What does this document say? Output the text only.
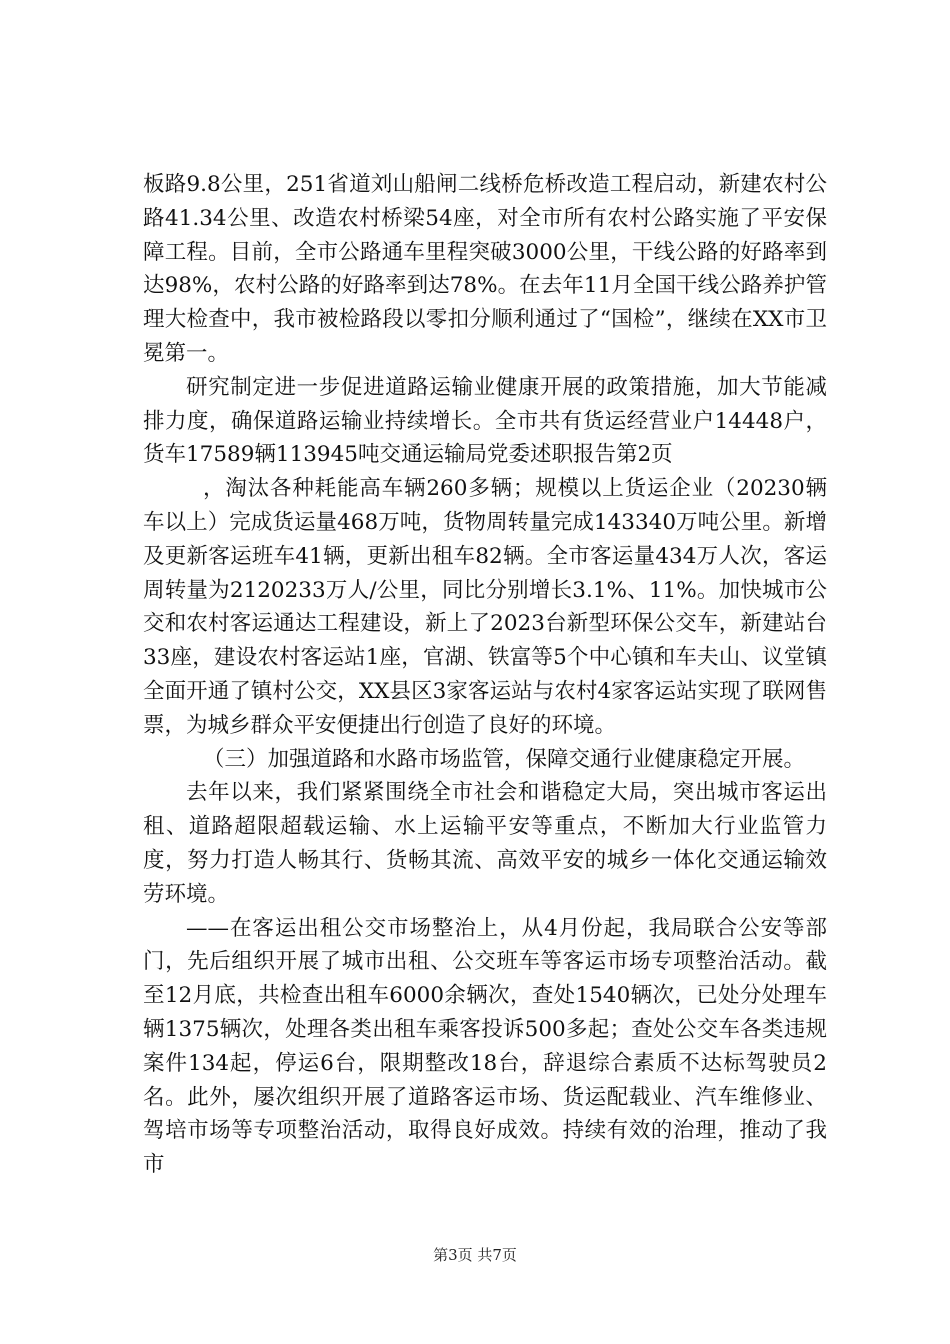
板路9.8公里，251省道刘山船闸二线桥危桥改造工程启动，新建农村公路41.34公里、改造农村桥梁54座，对全市所有农村公路实施了平安保障工程。目前，全市公路通车里程突破3000公里，干线公路的好路率到达98%，农村公路的好路率到达78%。在去年11月全国干线公路养护管理大检查中，我市被检路段以零扣分顺利通过了“国检”，继续在XX市卫冕第一。

研究制定进一步促进道路运输业健康开展的政策措施，加大节能减排力度，确保道路运输业持续增长。全市共有货运经营业户14448户，货车17589辆113945吨交通运输局党委述职报告第2页

，淘汰各种耗能高车辆260多辆；规模以上货运企业（20230辆车以上）完成货运量468万吨，货物周转量完成143340万吨公里。新增及更新客运班车41辆，更新出租车82辆。全市客运量434万人次，客运周转量为2120233万人/公里，同比分别增长3.1%、11%。加快城市公交和农村客运通达工程建设，新上了2023台新型环保公交车，新建站台33座，建设农村客运站1座，官湖、铁富等5个中心镇和车夫山、议堂镇全面开通了镇村公交，XX县区3家客运站与农村4家客运站实现了联网售票，为城乡群众平安便捷出行创造了良好的环境。

（三）加强道路和水路市场监管，保障交通行业健康稳定开展。

去年以来，我们紧紧围绕全市社会和谐稳定大局，突出城市客运出租、道路超限超载运输、水上运输平安等重点，不断加大行业监管力度，努力打造人畅其行、货畅其流、高效平安的城乡一体化交通运输效劳环境。

——在客运出租公交市场整治上，从4月份起，我局联合公安等部门，先后组织开展了城市出租、公交班车等客运市场专项整治活动。截至12月底，共检查出租车6000余辆次，查处1540辆次，已处分处理车辆1375辆次，处理各类出租车乘客投诉500多起；查处公交车各类违规案件134起，停运6台，限期整改18台，辞退综合素质不达标驾驶员2名。此外，屡次组织开展了道路客运市场、货运配载业、汽车维修业、驾培市场等专项整治活动，取得良好成效。持续有效的治理，推动了我市

第3页 共7页
